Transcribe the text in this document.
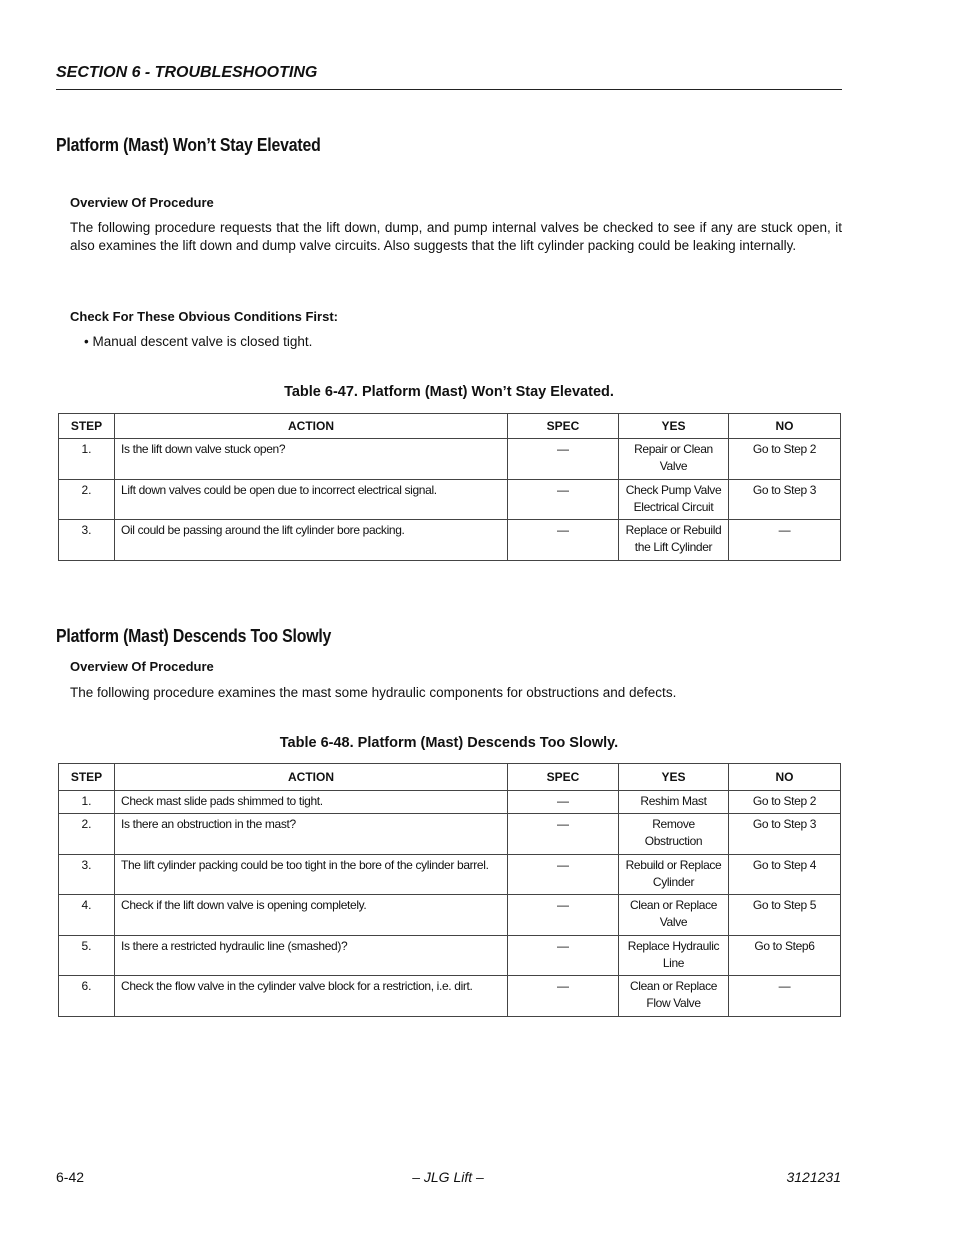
SECTION 6 - TROUBLESHOOTING
Platform (Mast) Won’t Stay Elevated
Overview Of Procedure
The following procedure requests that the lift down, dump, and pump internal valves be checked to see if any are stuck open, it also examines the lift down and dump valve circuits. Also suggests that the lift cylinder packing could be leaking internally.
Check For These Obvious Conditions First:
• Manual descent valve is closed tight.
Table 6-47. Platform (Mast) Won’t Stay Elevated.
STEP	ACTION	SPEC	YES	NO
1.	Is the lift down valve stuck open?	—	Repair or Clean Valve	Go to Step 2
2.	Lift down valves could be open due to incorrect electrical signal.	—	Check Pump Valve Electrical Circuit	Go to Step 3
3.	Oil could be passing around the lift cylinder bore packing.	—	Replace or Rebuild the Lift Cylinder	—
Platform (Mast) Descends Too Slowly
Overview Of Procedure
The following procedure examines the mast some hydraulic components for obstructions and defects.
Table 6-48. Platform (Mast) Descends Too Slowly.
STEP	ACTION	SPEC	YES	NO
1.	Check mast slide pads shimmed to tight.	—	Reshim Mast	Go to Step 2
2.	Is there an obstruction in the mast?	—	Remove Obstruction	Go to Step 3
3.	The lift cylinder packing could be too tight in the bore of the cylinder barrel.	—	Rebuild or Replace Cylinder	Go to Step 4
4.	Check if the lift down valve is opening completely.	—	Clean or Replace Valve	Go to Step 5
5.	Is there a restricted hydraulic line (smashed)?	—	Replace Hydraulic Line	Go to Step6
6.	Check the flow valve in the cylinder valve block for a restriction, i.e. dirt.	—	Clean or Replace Flow Valve	—
6-42	– JLG Lift –	3121231
